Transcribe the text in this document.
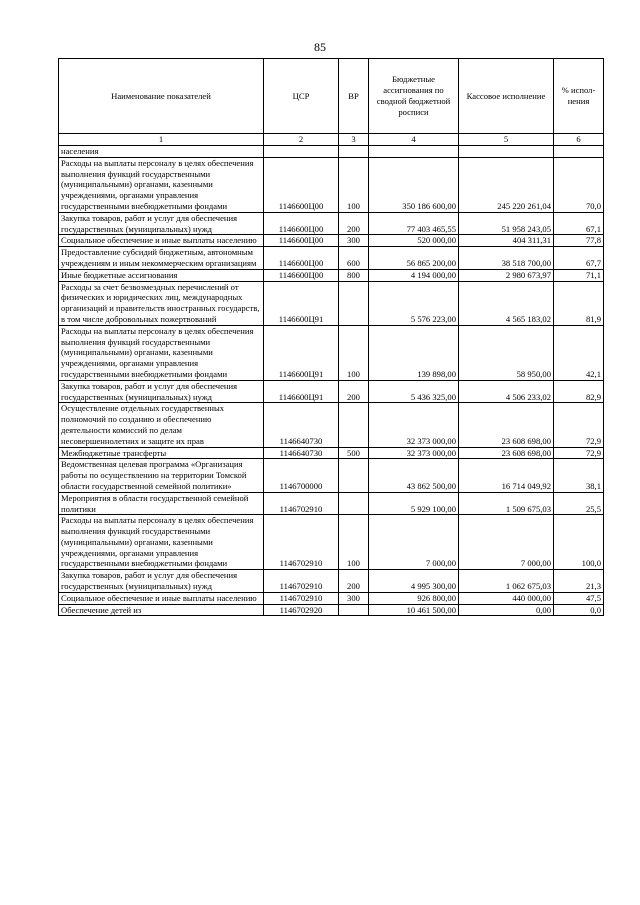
85
Наименование показателей	ЦСР	ВР	Бюджетные ассигнования по сводной бюджетной росписи	Кассовое исполнение	% испол-нения
1	2	3	4	5	6
населения					
Расходы на выплаты персоналу в целях обеспечения выполнения функций государственными (муниципальными) органами, казенными учреждениями, органами управления государственными внебюджетными фондами	1146600Ц00	100	350 186 600,00	245 220 261,04	70,0
Закупка товаров, работ и услуг для обеспечения государственных (муниципальных) нужд	1146600Ц00	200	77 403 465,55	51 958 243,05	67,1
Социальное обеспечение и иные выплаты населению	1146600Ц00	300	520 000,00	404 311,31	77,8
Предоставление субсидий бюджетным, автономным учреждениям и иным некоммерческим организациям	1146600Ц00	600	56 865 200,00	38 518 700,00	67,7
Иные бюджетные ассигнования	1146600Ц00	800	4 194 000,00	2 980 673,97	71,1
Расходы за счет безвозмездных перечислений от физических и юридических лиц, международных организаций и правительств иностранных государств, в том числе добровольных пожертвований	1146600Ц91		5 576 223,00	4 565 183,02	81,9
Расходы на выплаты персоналу в целях обеспечения выполнения функций государственными (муниципальными) органами, казенными учреждениями, органами управления государственными внебюджетными фондами	1146600Ц91	100	139 898,00	58 950,00	42,1
Закупка товаров, работ и услуг для обеспечения государственных (муниципальных) нужд	1146600Ц91	200	5 436 325,00	4 506 233,02	82,9
Осуществление отдельных государственных полномочий по созданию и обеспечению деятельности комиссий по делам несовершеннолетних и защите их прав	1146640730		32 373 000,00	23 608 698,00	72,9
Межбюджетные трансферты	1146640730	500	32 373 000,00	23 608 698,00	72,9
Ведомственная целевая программа «Организация работы по осуществлению на территории Томской области государственной семейной политики»	1146700000		43 862 500,00	16 714 049,92	38,1
Мероприятия в области государственной семейной политики	1146702910		5 929 100,00	1 509 675,03	25,5
Расходы на выплаты персоналу в целях обеспечения выполнения функций государственными (муниципальными) органами, казенными учреждениями, органами управления государственными внебюджетными фондами	1146702910	100	7 000,00	7 000,00	100,0
Закупка товаров, работ и услуг для обеспечения государственных (муниципальных) нужд	1146702910	200	4 995 300,00	1 062 675,03	21,3
Социальное обеспечение и иные выплаты населению	1146702910	300	926 800,00	440 000,00	47,5
Обеспечение детей из	1146702920		10 461 500,00	0,00	0,0
